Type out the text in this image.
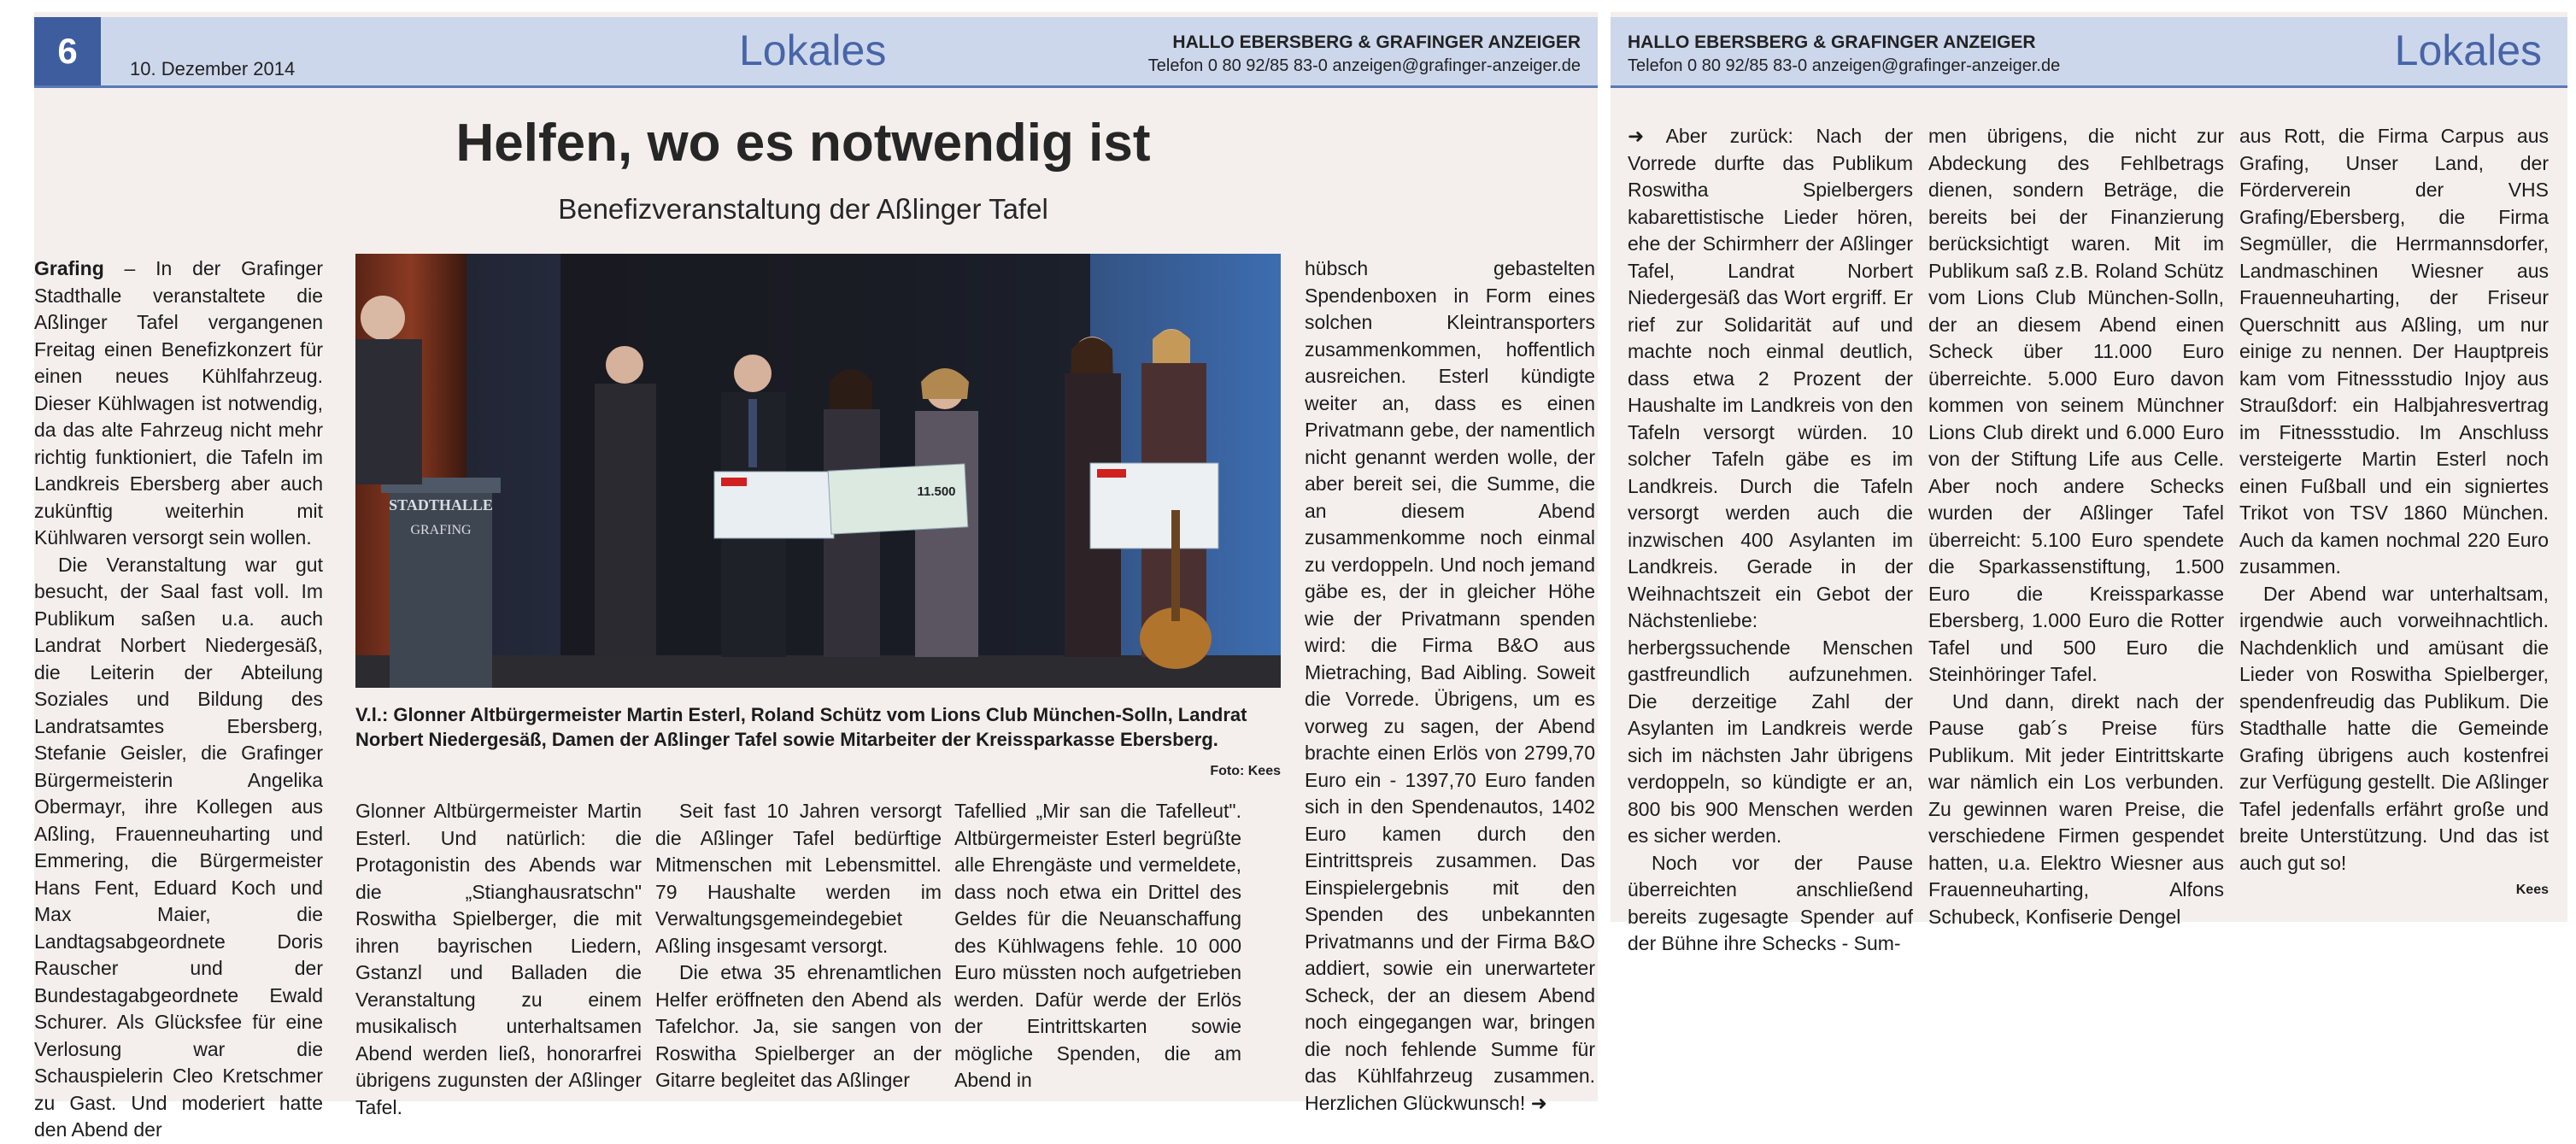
6	10. Dezember 2014	Lokales	HALLO EBERSBERG & GRAFINGER ANZEIGER
Telefon 0 80 92/85 83-0 anzeigen@grafinger-anzeiger.de
Helfen, wo es notwendig ist
Benefizveranstaltung der Aßlinger Tafel

Grafing – In der Grafinger Stadthalle veranstaltete die Aßlinger Tafel vergangenen Freitag einen Benefizkonzert für einen neues Kühlfahrzeug. Dieser Kühlwagen ist notwendig, da das alte Fahrzeug nicht mehr richtig funktioniert, die Tafeln im Landkreis Ebersberg aber auch zukünftig weiterhin mit Kühlwaren versorgt sein wollen.

Die Veranstaltung war gut besucht, der Saal fast voll. Im Publikum saßen u.a. auch Landrat Norbert Niedergesäß, die Leiterin der Abteilung Soziales und Bildung des Landratsamtes Ebersberg, Stefanie Geisler, die Grafinger Bürgermeisterin Angelika Obermayr, ihre Kollegen aus Aßling, Frauenneuharting und Emmering, die Bürgermeister Hans Fent, Eduard Koch und Max Maier, die Landtagsabgeordnete Doris Rauscher und der Bundestagabgeordnete Ewald Schurer. Als Glücksfee für eine Verlosung war die Schauspielerin Cleo Kretschmer zu Gast. Und moderiert hatte den Abend der

STADTHALLE
GRAFING
11.500
V.l.: Glonner Altbürgermeister Martin Esterl, Roland Schütz vom Lions Club München-Solln, Landrat Norbert Niedergesäß, Damen der Aßlinger Tafel sowie Mitarbeiter der Kreissparkasse Ebersberg.
Foto: Kees

Glonner Altbürgermeister Martin Esterl. Und natürlich: die Protagonistin des Abends war die „Stianghausratschn" Roswitha Spielberger, die mit ihren bayrischen Liedern, Gstanzl und Balladen die Veranstaltung zu einem musikalisch unterhaltsamen Abend werden ließ, honorarfrei übrigens zugunsten der Aßlinger Tafel.

Seit fast 10 Jahren versorgt die Aßlinger Tafel bedürftige Mitmenschen mit Lebensmittel. 79 Haushalte werden im Verwaltungsgemeindegebiet Aßling insgesamt versorgt.

Die etwa 35 ehrenamtlichen Helfer eröffneten den Abend als Tafelchor. Ja, sie sangen von Roswitha Spielberger an der Gitarre begleitet das Aßlinger

Tafellied „Mir san die Tafelleut". Altbürgermeister Esterl begrüßte alle Ehrengäste und vermeldete, dass noch etwa ein Drittel des Geldes für die Neuanschaffung des Kühlwagens fehle. 10 000 Euro müssten noch aufgetrieben werden. Dafür werde der Erlös der Eintrittskarten sowie mögliche Spenden, die am Abend in

hübsch gebastelten Spendenboxen in Form eines solchen Kleintransporters zusammenkommen, hoffentlich ausreichen. Esterl kündigte weiter an, dass es einen Privatmann gebe, der namentlich nicht genannt werden wolle, der aber bereit sei, die Summe, die an diesem Abend zusammenkomme noch einmal zu verdoppeln. Und noch jemand gäbe es, der in gleicher Höhe wie der Privatmann spenden wird: die Firma B&O aus Mietraching, Bad Aibling. Soweit die Vorrede. Übrigens, um es vorweg zu sagen, der Abend brachte einen Erlös von 2799,70 Euro ein - 1397,70 Euro fanden sich in den Spendenautos, 1402 Euro kamen durch den Eintrittspreis zusammen. Das Einspielergebnis mit den Spenden des unbekannten Privatmanns und der Firma B&O addiert, sowie ein unerwarteter Scheck, der an diesem Abend noch eingegangen war, bringen die noch fehlende Summe für das Kühlfahrzeug zusammen. Herzlichen Glückwunsch! ➜

HALLO EBERSBERG & GRAFINGER ANZEIGER
Telefon 0 80 92/85 83-0 anzeigen@grafinger-anzeiger.de	Lokales

➜ Aber zurück: Nach der Vorrede durfte das Publikum Roswitha Spielbergers kabarettistische Lieder hören, ehe der Schirmherr der Aßlinger Tafel, Landrat Norbert Niedergesäß das Wort ergriff. Er rief zur Solidarität auf und machte noch einmal deutlich, dass etwa 2 Prozent der Haushalte im Landkreis von den Tafeln versorgt würden. 10 solcher Tafeln gäbe es im Landkreis. Durch die Tafeln versorgt werden auch die inzwischen 400 Asylanten im Landkreis. Gerade in der Weihnachtszeit ein Gebot der Nächstenliebe: herbergssuchende Menschen gastfreundlich aufzunehmen. Die derzeitige Zahl der Asylanten im Landkreis werde sich im nächsten Jahr übrigens verdoppeln, so kündigte er an, 800 bis 900 Menschen werden es sicher werden.

Noch vor der Pause überreichten anschließend bereits zugesagte Spender auf der Bühne ihre Schecks - Sum-

men übrigens, die nicht zur Abdeckung des Fehlbetrags dienen, sondern Beträge, die bereits bei der Finanzierung berücksichtigt waren. Mit im Publikum saß z.B. Roland Schütz vom Lions Club München-Solln, der an diesem Abend einen Scheck über 11.000 Euro überreichte. 5.000 Euro davon kommen von seinem Münchner Lions Club direkt und 6.000 Euro von der Stiftung Life aus Celle. Aber noch andere Schecks wurden der Aßlinger Tafel überreicht: 5.100 Euro spendete die Sparkassenstiftung, 1.500 Euro die Kreissparkasse Ebersberg, 1.000 Euro die Rotter Tafel und 500 Euro die Steinhöringer Tafel.

Und dann, direkt nach der Pause gab´s Preise fürs Publikum. Mit jeder Eintrittskarte war nämlich ein Los verbunden. Zu gewinnen waren Preise, die verschiedene Firmen gespendet hatten, u.a. Elektro Wiesner aus Frauenneuharting, Alfons Schubeck, Konfiserie Dengel

aus Rott, die Firma Carpus aus Grafing, Unser Land, der Förderverein der VHS Grafing/Ebersberg, die Firma Segmüller, die Herrmannsdorfer, Landmaschinen Wiesner aus Frauenneuharting, der Friseur Querschnitt aus Aßling, um nur einige zu nennen. Der Hauptpreis kam vom Fitnessstudio Injoy aus Straußdorf: ein Halbjahresvertrag im Fitnessstudio. Im Anschluss versteigerte Martin Esterl noch einen Fußball und ein signiertes Trikot von TSV 1860 München. Auch da kamen nochmal 220 Euro zusammen.

Der Abend war unterhaltsam, irgendwie auch vorweihnachtlich. Nachdenklich und amüsant die Lieder von Roswitha Spielberger, spendenfreudig das Publikum. Die Stadthalle hatte die Gemeinde Grafing übrigens auch kostenfrei zur Verfügung gestellt. Die Aßlinger Tafel jedenfalls erfährt große und breite Unterstützung. Und das ist auch gut so!

Kees
